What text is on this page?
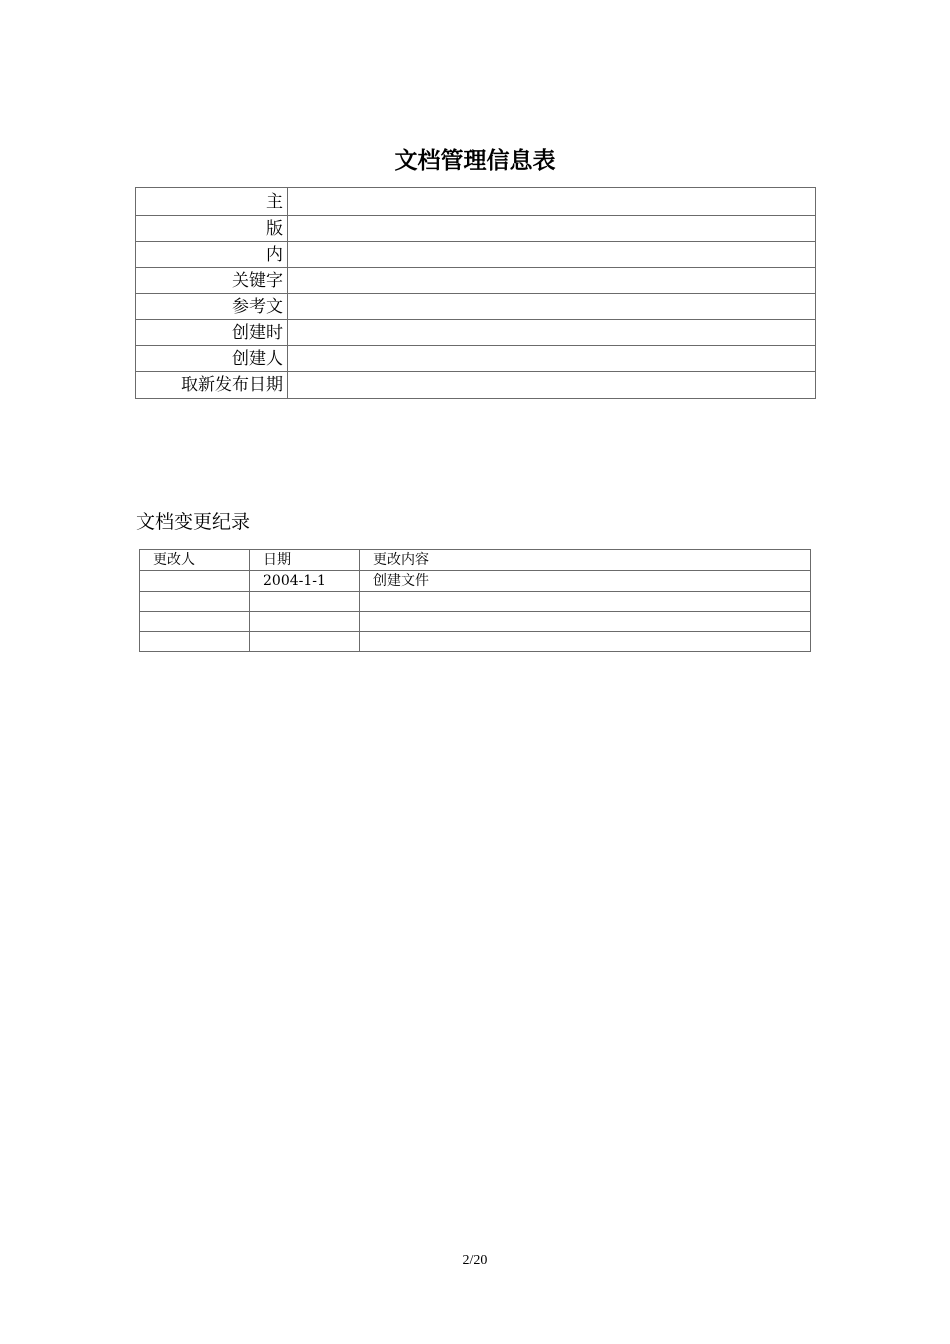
文档管理信息表
主	
版	
内	
关键字	
参考文	
创建时	
创建人	
取新发布日期	
文档变更纪录
更改人	日期	更改内容
	2004-1-1	创建文件

2/20
